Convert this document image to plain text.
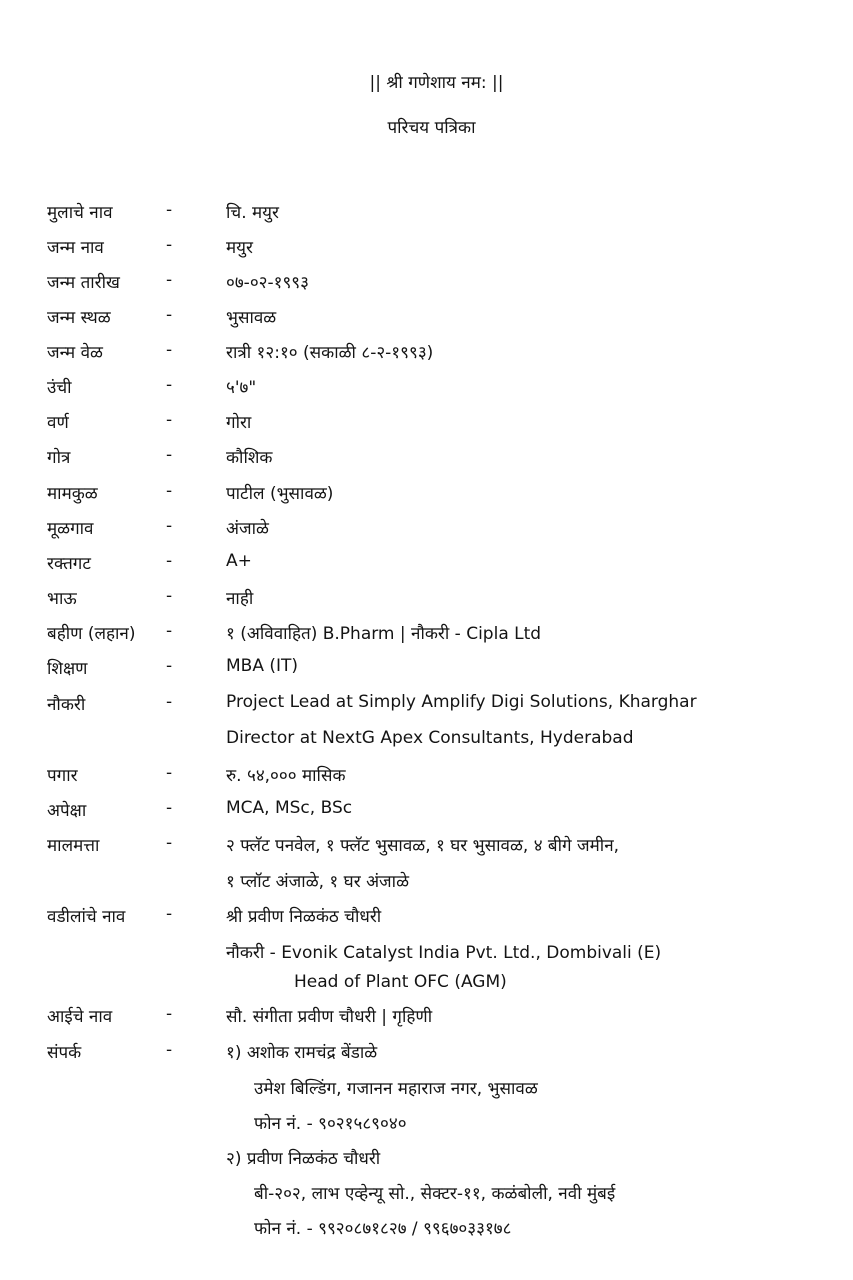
|| श्री गणेशाय नम: ||
परिचय पत्रिका
मुलाचे नाव	-	चि. मयुर
जन्म नाव	-	मयुर
जन्म तारीख	-	०७-०२-१९९३
जन्म स्थळ	-	भुसावळ
जन्म वेळ	-	रात्री १२:१० (सकाळी ८-२-१९९३)
उंची	-	५'७"
वर्ण	-	गोरा
गोत्र	-	कौशिक
मामकुळ	-	पाटील (भुसावळ)
मूळगाव	-	अंजाळे
रक्तगट	-	A+
भाऊ	-	नाही
बहीण (लहान) -	१ (अविवाहित) B.Pharm | नौकरी - Cipla Ltd
शिक्षण	-	MBA (IT)
नौकरी	-	Project Lead at Simply Amplify Digi Solutions, Kharghar
Director at NextG Apex Consultants, Hyderabad
पगार	-	रु. ५४,००० मासिक
अपेक्षा	-	MCA, MSc, BSc
मालमत्ता	-	२ फ्लॅट पनवेल, १ फ्लॅट भुसावळ, १ घर भुसावळ, ४ बीगे जमीन,
१ प्लॉट अंजाळे, १ घर अंजाळे
वडीलांचे नाव -	श्री प्रवीण निळकंठ चौधरी
नौकरी - Evonik Catalyst India Pvt. Ltd., Dombivali (E)
Head of Plant OFC (AGM)
आईचे नाव	-	सौ. संगीता प्रवीण चौधरी | गृहिणी
संपर्क	-	१) अशोक रामचंद्र बेंडाळे
उमेश बिल्डिंग, गजानन महाराज नगर, भुसावळ
फोन नं. - ९०२१५८९०४०
२) प्रवीण निळकंठ चौधरी
बी-२०२, लाभ एव्हेन्यू सो., सेक्टर-११, कळंबोली, नवी मुंबई
फोन नं. - ९९२०८७१८२७ / ९९६७०३३१७८
